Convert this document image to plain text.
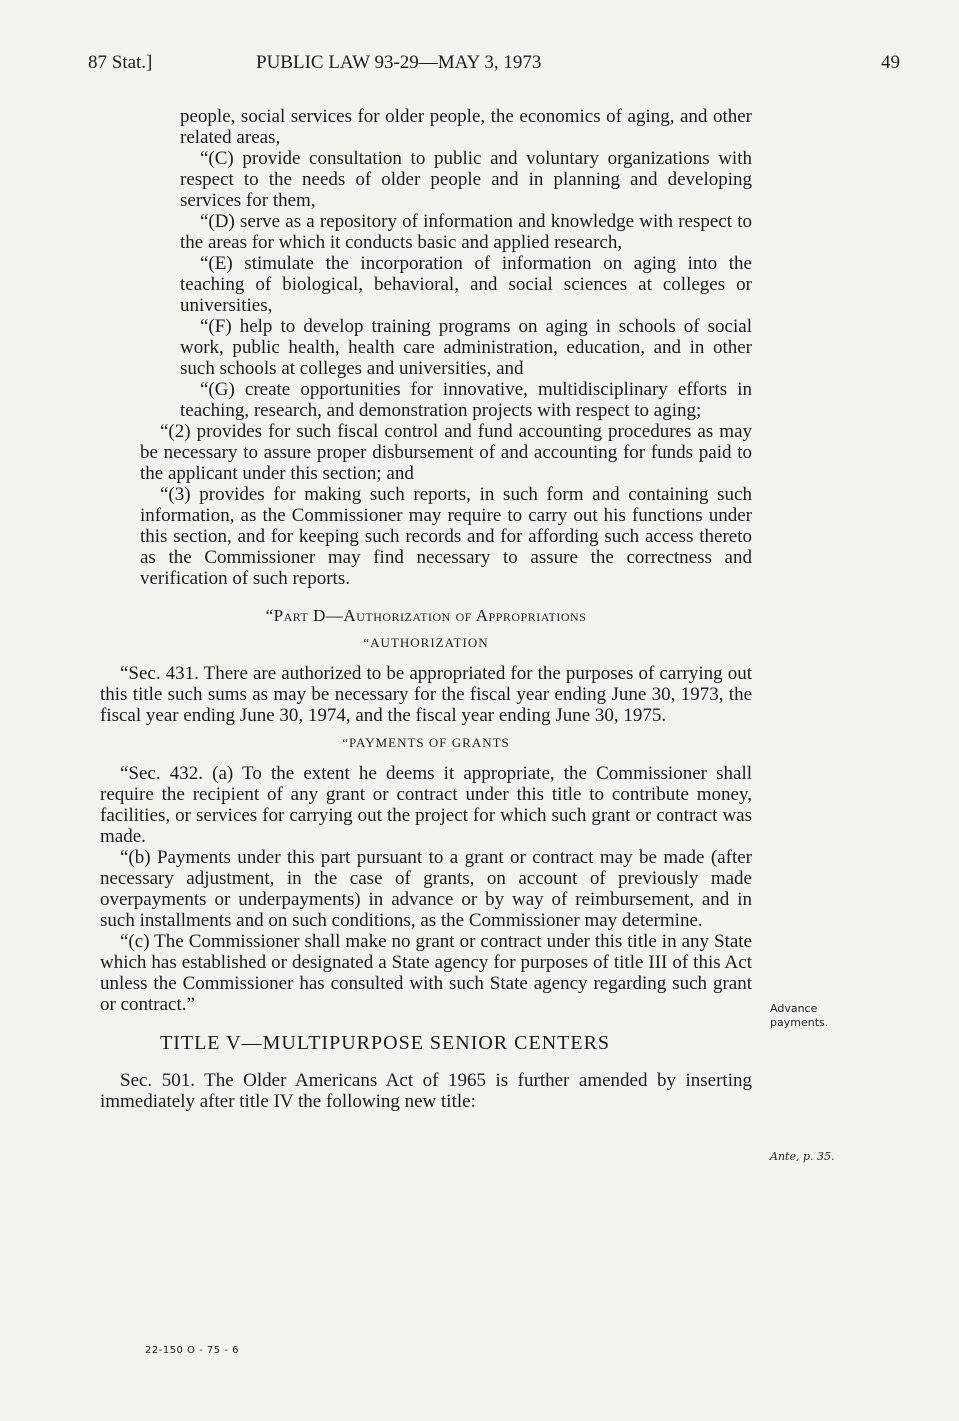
87 Stat.]	PUBLIC LAW 93-29—MAY 3, 1973	49

people, social services for older people, the economics of aging, and other related areas,

“(C) provide consultation to public and voluntary organizations with respect to the needs of older people and in planning and developing services for them,

“(D) serve as a repository of information and knowledge with respect to the areas for which it conducts basic and applied research,

“(E) stimulate the incorporation of information on aging into the teaching of biological, behavioral, and social sciences at colleges or universities,

“(F) help to develop training programs on aging in schools of social work, public health, health care administration, education, and in other such schools at colleges and universities, and

“(G) create opportunities for innovative, multidisciplinary efforts in teaching, research, and demonstration projects with respect to aging;

“(2) provides for such fiscal control and fund accounting procedures as may be necessary to assure proper disbursement of and accounting for funds paid to the applicant under this section; and

“(3) provides for making such reports, in such form and containing such information, as the Commissioner may require to carry out his functions under this section, and for keeping such records and for affording such access thereto as the Commissioner may find necessary to assure the correctness and verification of such reports.

“Part D—Authorization of Appropriations

“AUTHORIZATION

“Sec. 431. There are authorized to be appropriated for the purposes of carrying out this title such sums as may be necessary for the fiscal year ending June 30, 1973, the fiscal year ending June 30, 1974, and the fiscal year ending June 30, 1975.

“PAYMENTS OF GRANTS

“Sec. 432. (a) To the extent he deems it appropriate, the Commissioner shall require the recipient of any grant or contract under this title to contribute money, facilities, or services for carrying out the project for which such grant or contract was made.

“(b) Payments under this part pursuant to a grant or contract may be made (after necessary adjustment, in the case of grants, on account of previously made overpayments or underpayments) in advance or by way of reimbursement, and in such installments and on such conditions, as the Commissioner may determine.

“(c) The Commissioner shall make no grant or contract under this title in any State which has established or designated a State agency for purposes of title III of this Act unless the Commissioner has consulted with such State agency regarding such grant or contract.”

TITLE V—MULTIPURPOSE SENIOR CENTERS

Sec. 501. The Older Americans Act of 1965 is further amended by inserting immediately after title IV the following new title:

Advance payments.
Ante, p. 35.
22-150 O - 75 - 6
